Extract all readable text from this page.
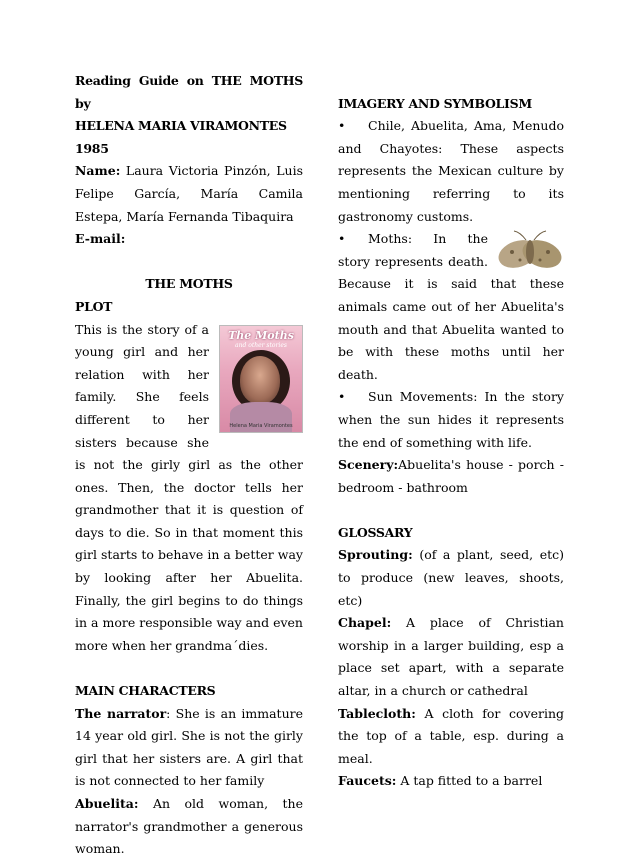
Reading Guide on THE MOTHS by
HELENA MARIA VIRAMONTES 1985
Name: Laura Victoria Pinzón, Luis Felipe García, María Camila Estepa, María Fernanda Tibaquira
E-mail:
THE MOTHS
PLOT
The Moths
and other stories
Helena Maria Viramontes
This is the story of a young girl and her relation with her family. She feels different to her sisters because she is not the girly girl as the other ones. Then, the doctor tells her grandmother that it is question of days to die. So in that moment this girl starts to behave in a better way by looking after her Abuelita. Finally, the girl begins to do things in a more responsible way and even more when her grandma´dies.
MAIN CHARACTERS
The narrator: She is an immature 14 year old girl. She is not the girly girl that her sisters are. A girl that is not connected to her family
Abuelita: An old woman, the narrator's grandmother a generous woman.
IMAGERY AND SYMBOLISM
• Chile, Abuelita, Ama, Menudo and Chayotes: These aspects represents the Mexican culture by mentioning referring to its gastronomy customs.
• Moths: In the story represents death. Because it is said that these animals came out of her Abuelita's mouth and that Abuelita wanted to be with these moths until her death.
• Sun Movements: In the story when the sun hides it represents the end of something with life.
Scenery:Abuelita's house - porch - bedroom - bathroom
GLOSSARY
Sprouting: (of a plant, seed, etc) to produce (new leaves, shoots, etc)
Chapel: A place of Christian worship in a larger building, esp a place set apart, with a separate altar, in a church or cathedral
Tablecloth: A cloth for covering the top of a table, esp. during a meal.
Faucets: A tap fitted to a barrel
